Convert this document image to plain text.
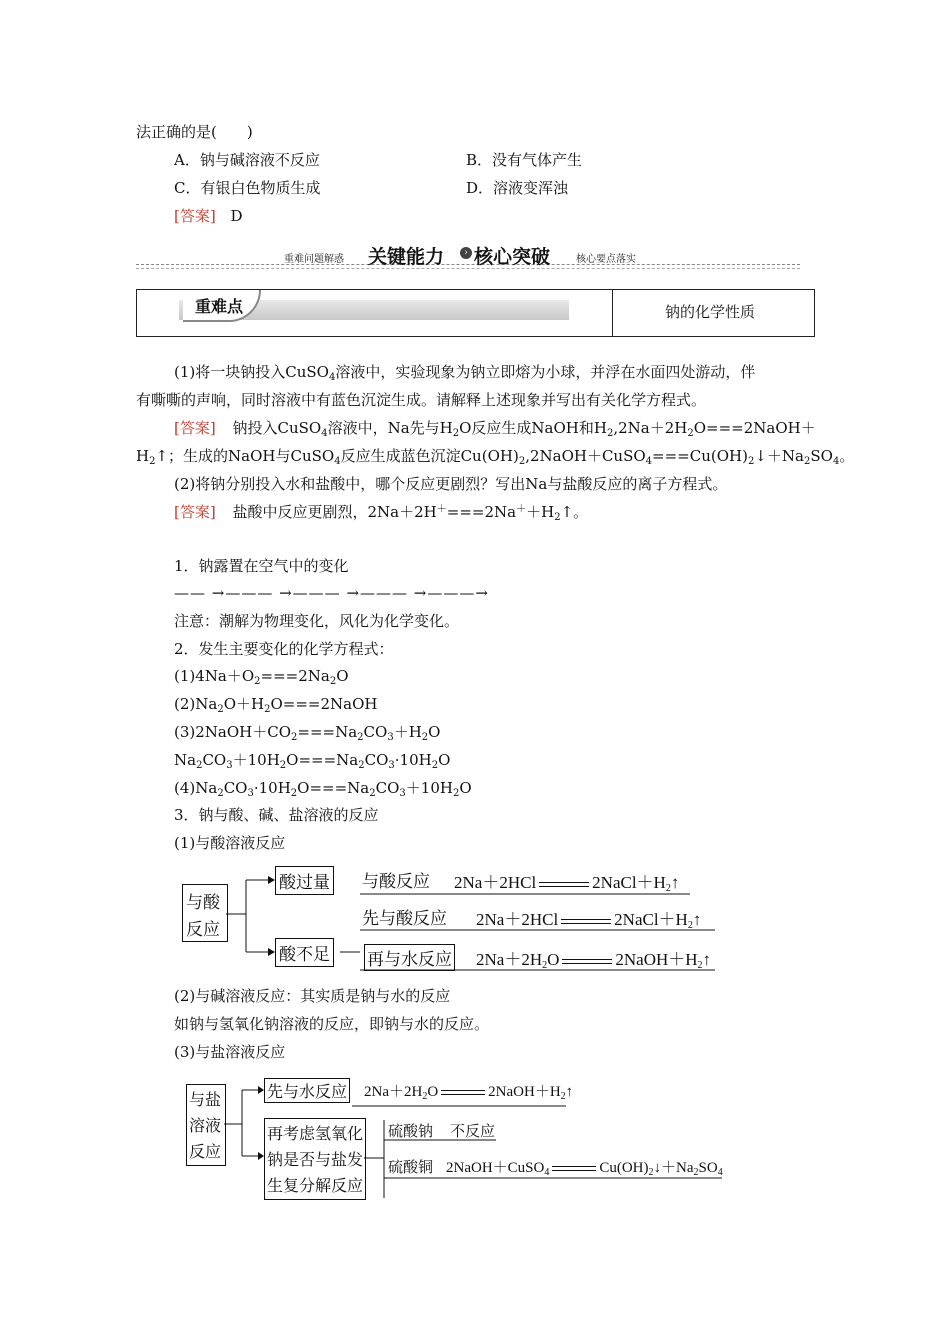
法正确的是(　　)
A．钠与碱溶液不反应	B．没有气体产生
C．有银白色物质生成	D．溶液变浑浊
[答案] D
重难问题解惑 关键能力	› 核心突破	核心要点落实
重难点	钠的化学性质
(1)将一块钠投入CuSO$_4$溶液中，实验现象为钠立即熔为小球，并浮在水面四处游动，伴
有嘶嘶的声响，同时溶液中有蓝色沉淀生成。请解释上述现象并写出有关化学方程式。
[答案] 钠投入CuSO$_4$溶液中，Na先与$H_2O$反应生成NaOH和$H_2,2Na+2H_2O===2NaOH+$
$H_2↑$；生成的NaOH与CuSO$_4$反应生成蓝色沉淀$Cu(OH)_2,2NaOH+CuSO_4===Cu(OH)_2↓+Na_2SO_4$。
(2)将钠分别投入水和盐酸中，哪个反应更剧烈？写出Na与盐酸反应的离子方程式。
[答案] 盐酸中反应更剧烈，$2Na+2H^+===2Na^++H_2↑$。
1．钠露置在空气中的变化
—— →——— →——— →——— →———→
注意：潮解为物理变化，风化为化学变化。
2．发生主要变化的化学方程式：
$(1)4Na+O_2===2Na_2O$
$(2)Na_2O+H_2O===2NaOH$
$(3)2NaOH+CO_2===Na_2CO_3+H_2O$
$Na_2CO_3+10H_2O===Na_2CO_3\cdot 10H_2O$
$(4)Na_2CO_3\cdot 10H_2O===Na_2CO_3+10H_2O$
3．钠与酸、碱、盐溶液的反应
(1)与酸溶液反应
与酸
反应
酸过量
酸不足
与酸反应 2Na＋2HCl	$2NaCl+H_2↑$
先与酸反应 2Na＋2HCl	$2NaCl+H_2↑$
再与水反应 $2Na+2H_2O$	$2NaOH+H_2↑$
(2)与碱溶液反应：其实质是钠与水的反应
如钠与氢氧化钠溶液的反应，即钠与水的反应。
(3)与盐溶液反应
与盐
溶液
反应
先与水反应 $2Na+2H_2O$	$2NaOH+H_2↑$
再考虑氢氧化
钠是否与盐发
生复分解反应
硫酸钠 不反应
硫酸铜 2NaOH＋CuSO$_4$	$Cu(OH)_2↓+Na_2SO_4$
